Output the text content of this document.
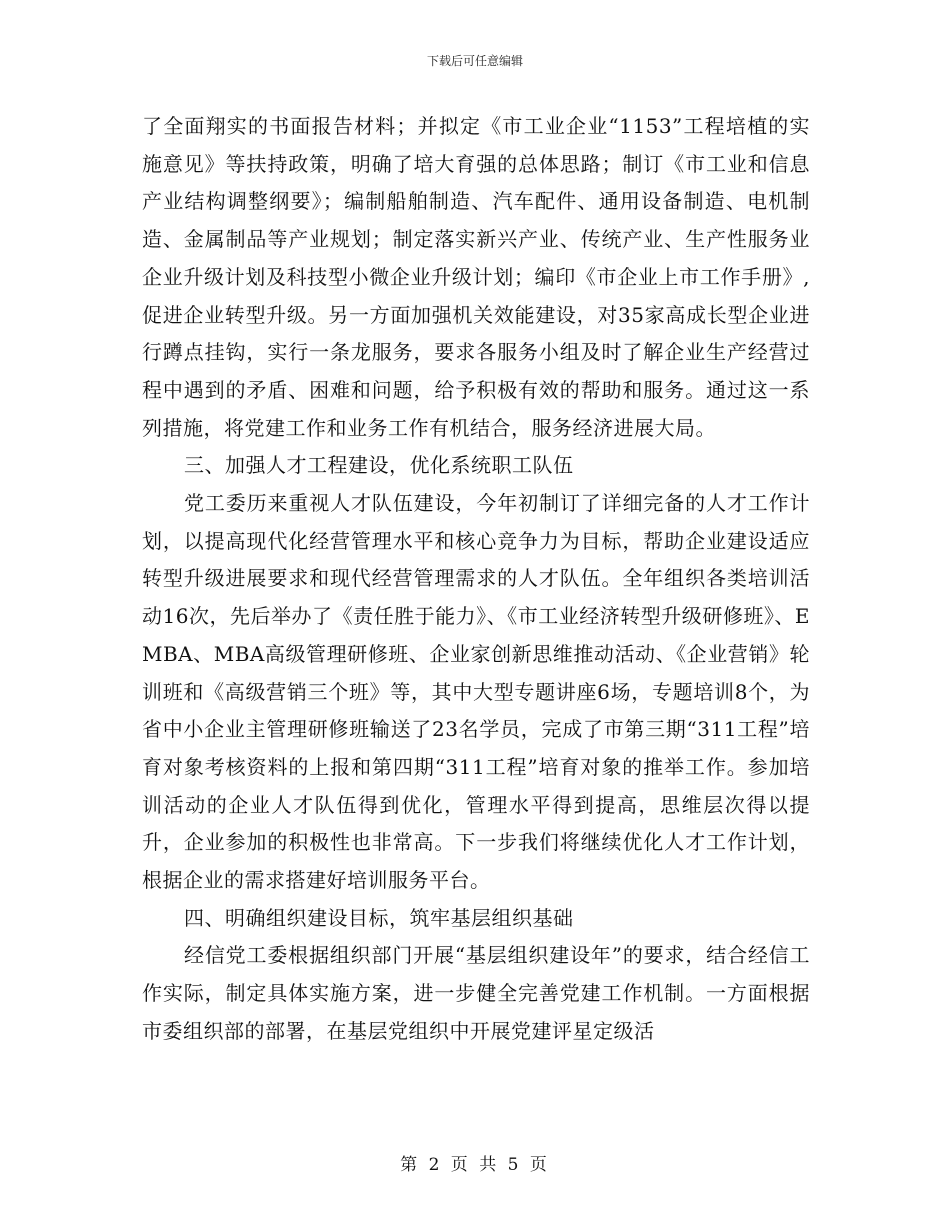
下载后可任意编辑

了全面翔实的书面报告材料；并拟定《市工业企业“1153”工程培植的实施意见》等扶持政策，明确了培大育强的总体思路；制订《市工业和信息产业结构调整纲要》；编制船舶制造、汽车配件、通用设备制造、电机制造、金属制品等产业规划；制定落实新兴产业、传统产业、生产性服务业企业升级计划及科技型小微企业升级计划；编印《市企业上市工作手册》,促进企业转型升级。另一方面加强机关效能建设，对35家高成长型企业进行蹲点挂钩，实行一条龙服务，要求各服务小组及时了解企业生产经营过程中遇到的矛盾、困难和问题，给予积极有效的帮助和服务。通过这一系列措施，将党建工作和业务工作有机结合，服务经济进展大局。

三、加强人才工程建设，优化系统职工队伍

党工委历来重视人才队伍建设，今年初制订了详细完备的人才工作计划，以提高现代化经营管理水平和核心竞争力为目标，帮助企业建设适应转型升级进展要求和现代经营管理需求的人才队伍。全年组织各类培训活动16次，先后举办了《责任胜于能力》、《市工业经济转型升级研修班》、EMBA、MBA高级管理研修班、企业家创新思维推动活动、《企业营销》轮训班和《高级营销三个班》等，其中大型专题讲座6场，专题培训8个，为省中小企业主管理研修班输送了23名学员，完成了市第三期“311工程”培育对象考核资料的上报和第四期“311工程”培育对象的推举工作。参加培训活动的企业人才队伍得到优化，管理水平得到提高，思维层次得以提升，企业参加的积极性也非常高。下一步我们将继续优化人才工作计划，根据企业的需求搭建好培训服务平台。

四、明确组织建设目标，筑牢基层组织基础

经信党工委根据组织部门开展“基层组织建设年”的要求，结合经信工作实际，制定具体实施方案，进一步健全完善党建工作机制。一方面根据市委组织部的部署，在基层党组织中开展党建评星定级活

第 2 页 共 5 页
